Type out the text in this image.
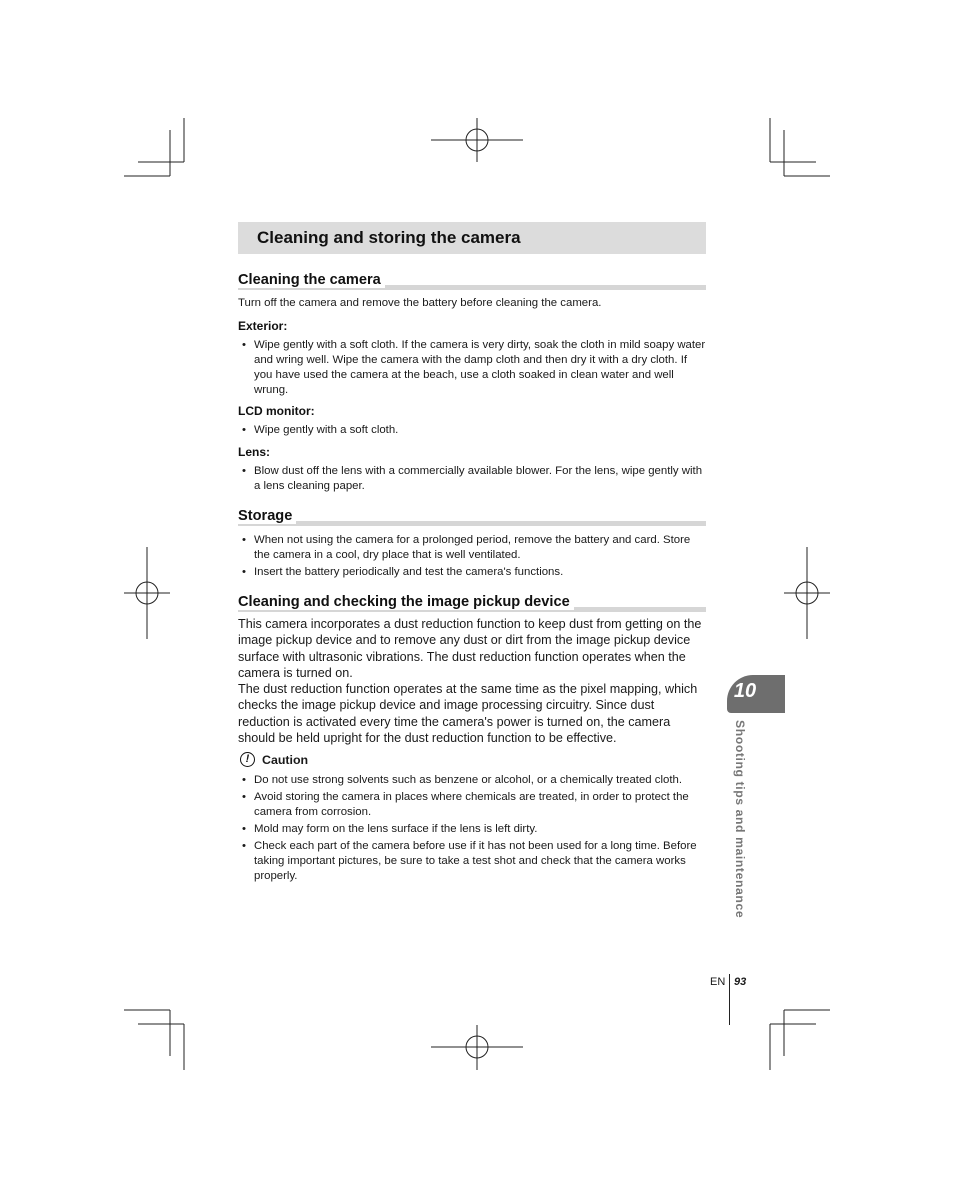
Cleaning and storing the camera
Cleaning the camera
Turn off the camera and remove the battery before cleaning the camera.
Exterior:
• Wipe gently with a soft cloth. If the camera is very dirty, soak the cloth in mild soapy water and wring well. Wipe the camera with the damp cloth and then dry it with a dry cloth. If you have used the camera at the beach, use a cloth soaked in clean water and well wrung.
LCD monitor:
• Wipe gently with a soft cloth.
Lens:
• Blow dust off the lens with a commercially available blower. For the lens, wipe gently with a lens cleaning paper.
Storage
• When not using the camera for a prolonged period, remove the battery and card. Store the camera in a cool, dry place that is well ventilated.
• Insert the battery periodically and test the camera's functions.
Cleaning and checking the image pickup device
This camera incorporates a dust reduction function to keep dust from getting on the image pickup device and to remove any dust or dirt from the image pickup device surface with ultrasonic vibrations. The dust reduction function operates when the camera is turned on.
The dust reduction function operates at the same time as the pixel mapping, which checks the image pickup device and image processing circuitry. Since dust reduction is activated every time the camera's power is turned on, the camera should be held upright for the dust reduction function to be effective.
!	Caution
• Do not use strong solvents such as benzene or alcohol, or a chemically treated cloth.
• Avoid storing the camera in places where chemicals are treated, in order to protect the camera from corrosion.
• Mold may form on the lens surface if the lens is left dirty.
• Check each part of the camera before use if it has not been used for a long time. Before taking important pictures, be sure to take a test shot and check that the camera works properly.
10
Shooting tips and maintenance
EN 93
